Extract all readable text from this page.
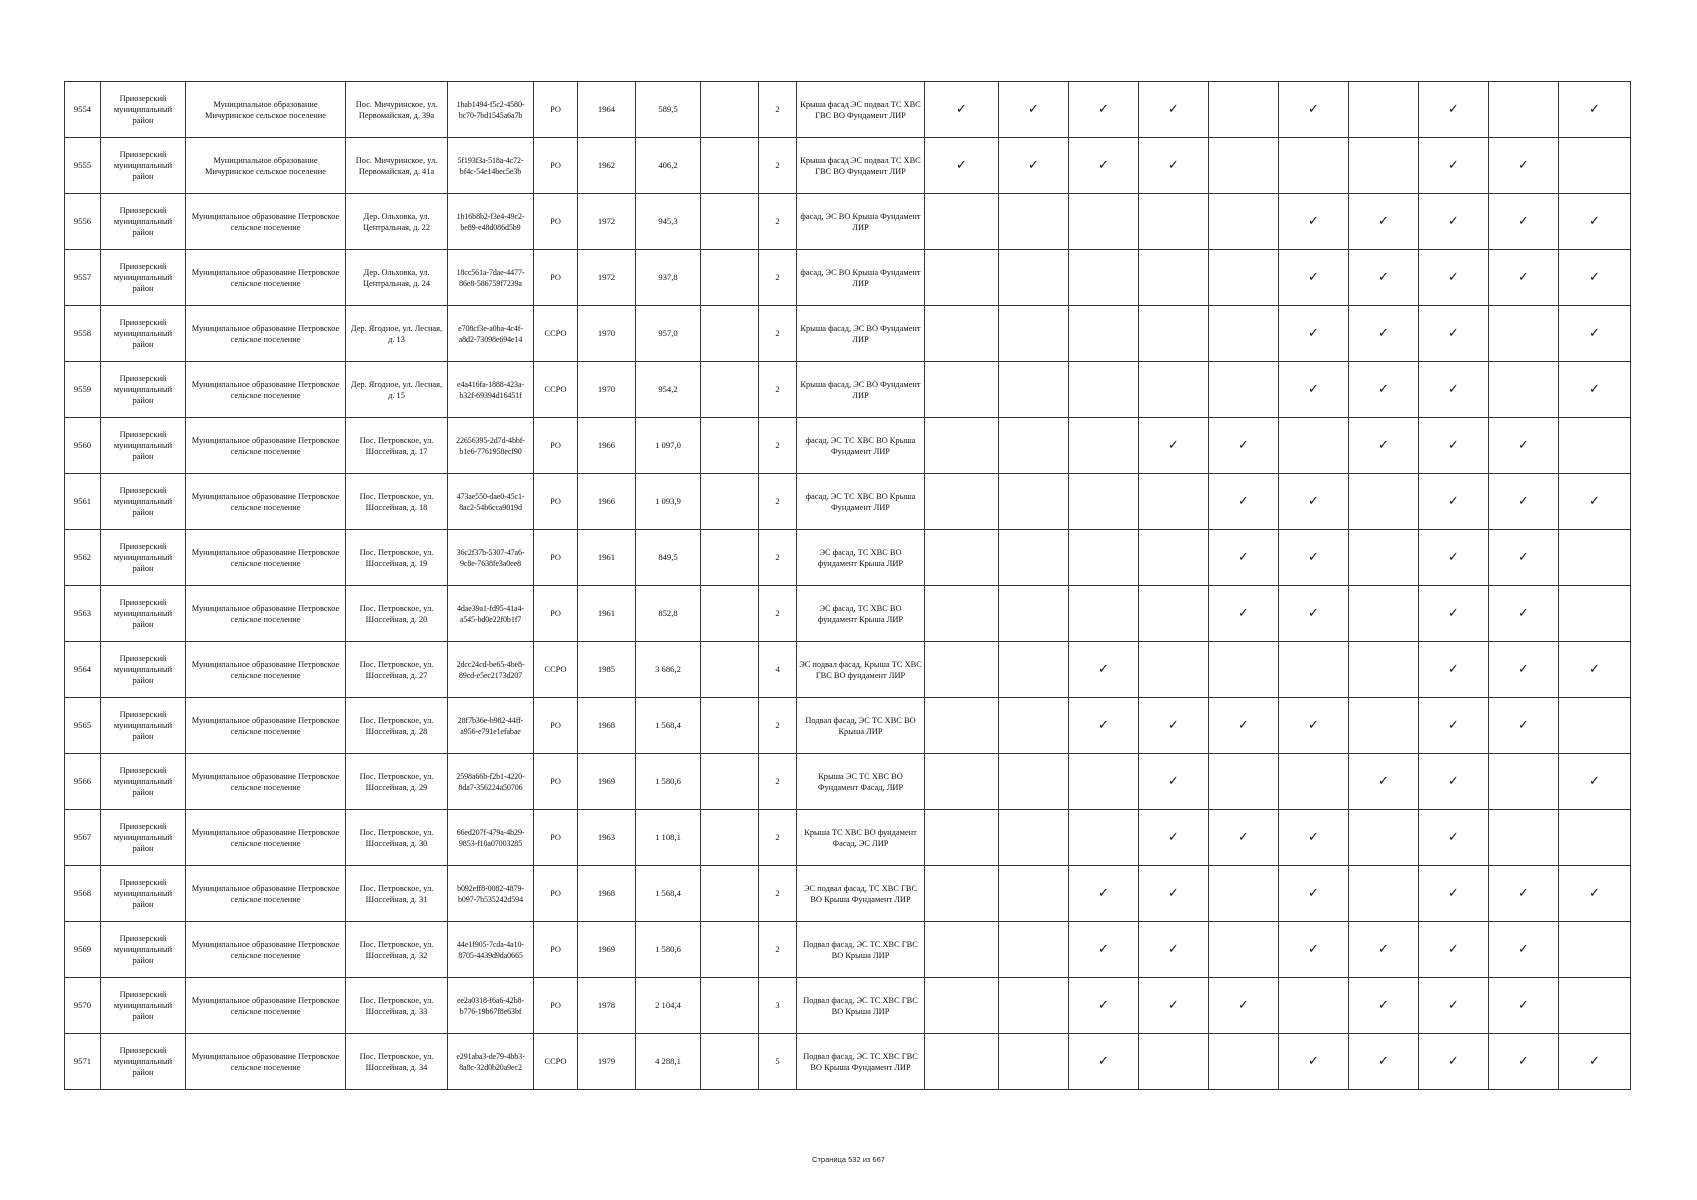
9554	Приозерский муниципальный район	Муниципальное образование Мичуринское сельское поселение	Пос. Мичуринское, ул. Первомайская, д. 39а	1bab1494-f5c2-4580-bc70-7bd1545a6a7b	РО	1964	589,5		2	Крыша фасад ЭС подвал ТС ХВС ГВС ВО Фундамент ЛИР	✓	✓	✓	✓		✓		✓		✓
9555	Приозерский муниципальный район	Муниципальное образование Мичуринское сельское поселение	Пос. Мичуринское, ул. Первомайская, д. 41а	5f193f3a-518a-4c72-bf4c-54e14bec5e3b	РО	1962	406,2		2	Крыша фасад ЭС подвал ТС ХВС ГВС ВО Фундамент ЛИР	✓	✓	✓	✓				✓	✓	
9556	Приозерский муниципальный район	Муниципальное образование Петровское сельское поселение	Дер. Ольховка, ул. Центральная, д. 22	1b16b8b2-f3e4-49c2-be89-e48d086d5b9	РО	1972	945,3		2	фасад, ЭС ВО Крыша Фундамент ЛИР						✓	✓	✓	✓	✓
9557	Приозерский муниципальный район	Муниципальное образование Петровское сельское поселение	Дер. Ольховка, ул. Центральная, д. 24	18cc561a-7dae-4477-86e8-586759f7239a	РО	1972	937,8		2	фасад, ЭС ВО Крыша Фундамент ЛИР						✓	✓	✓	✓	✓
9558	Приозерский муниципальный район	Муниципальное образование Петровское сельское поселение	Дер. Ягодное, ул. Лесная, д. 13	e708cf3e-a0ba-4c4f-a8d2-73098e694e14	ССРО	1970	957,0		2	Крыша фасад, ЭС ВО Фундамент ЛИР						✓	✓	✓		✓
9559	Приозерский муниципальный район	Муниципальное образование Петровское сельское поселение	Дер. Ягодное, ул. Лесная, д. 15	e4a416fa-1888-423a-b32f-69394d16451f	ССРО	1970	954,2		2	Крыша фасад, ЭС ВО Фундамент ЛИР						✓	✓	✓		✓
9560	Приозерский муниципальный район	Муниципальное образование Петровское сельское поселение	Пос. Петровское, ул. Шоссейная, д. 17	22656395-2d7d-4bbf-b1e6-7761958ecf90	РО	1966	1 097,0		2	фасад, ЭС ТС ХВС ВО Крыша Фундамент ЛИР				✓	✓		✓	✓	✓	
9561	Приозерский муниципальный район	Муниципальное образование Петровское сельское поселение	Пос. Петровское, ул. Шоссейная, д. 18	473ae550-dae0-45c1-8ac2-54b6cca9019d	РО	1966	1 093,9		2	фасад, ЭС ТС ХВС ВО Крыша Фундамент ЛИР					✓	✓		✓	✓	✓
9562	Приозерский муниципальный район	Муниципальное образование Петровское сельское поселение	Пос. Петровское, ул. Шоссейная, д. 19	36c2f37b-5307-47a6-9c8e-7638fe3a0ee8	РО	1961	849,5		2	ЭС фасад, ТС ХВС ВО фундамент Крыша ЛИР					✓	✓		✓	✓	
9563	Приозерский муниципальный район	Муниципальное образование Петровское сельское поселение	Пос. Петровское, ул. Шоссейная, д. 20	4dae39a1-fd95-41a4-a545-bd0e22f0b1f7	РО	1961	852,8		2	ЭС фасад, ТС ХВС ВО фундамент Крыша ЛИР					✓	✓		✓	✓	
9564	Приозерский муниципальный район	Муниципальное образование Петровское сельское поселение	Пос. Петровское, ул. Шоссейная, д. 27	2dcc24cd-be65-4be8-89cd-e5ec2173d207	ССРО	1985	3 686,2		4	ЭС подвал фасад, Крыша ТС ХВС ГВС ВО фундамент ЛИР			✓					✓	✓	✓
9565	Приозерский муниципальный район	Муниципальное образование Петровское сельское поселение	Пос. Петровское, ул. Шоссейная, д. 28	28f7b36e-b982-44ff-a956-e791e1efabae	РО	1968	1 568,4		2	Подвал фасад, ЭС ТС ХВС ВО Крыша ЛИР			✓	✓	✓	✓		✓	✓	
9566	Приозерский муниципальный район	Муниципальное образование Петровское сельское поселение	Пос. Петровское, ул. Шоссейная, д. 29	2598a66b-f2b1-4220-8da7-356224a50706	РО	1969	1 580,6		2	Крыша ЭС ТС ХВС ВО Фундамент Фасад, ЛИР				✓			✓	✓		✓
9567	Приозерский муниципальный район	Муниципальное образование Петровское сельское поселение	Пос. Петровское, ул. Шоссейная, д. 30	66ed207f-479a-4b29-9853-f10a07003285	РО	1963	1 108,1		2	Крыша ТС ХВС ВО фундамент Фасад, ЭС ЛИР				✓	✓	✓		✓		
9568	Приозерский муниципальный район	Муниципальное образование Петровское сельское поселение	Пос. Петровское, ул. Шоссейная, д. 31	b092eff8-0082-4879-b097-7b535242d594	РО	1968	1 568,4		2	ЭС подвал фасад, ТС ХВС ГВС ВО Крыша Фундамент ЛИР			✓	✓		✓		✓	✓	✓
9569	Приозерский муниципальный район	Муниципальное образование Петровское сельское поселение	Пос. Петровское, ул. Шоссейная, д. 32	44e1f905-7cda-4a10-8705-4439d9da0665	РО	1969	1 580,6		2	Подвал фасад, ЭС ТС ХВС ГВС ВО Крыша ЛИР			✓	✓		✓	✓	✓	✓	
9570	Приозерский муниципальный район	Муниципальное образование Петровское сельское поселение	Пос. Петровское, ул. Шоссейная, д. 33	ee2a0318-f6a6-42b8-b776-19b67f8e63bf	РО	1978	2 104,4		3	Подвал фасад, ЭС ТС ХВС ГВС ВО Крыша ЛИР			✓	✓	✓		✓	✓	✓	
9571	Приозерский муниципальный район	Муниципальное образование Петровское сельское поселение	Пос. Петровское, ул. Шоссейная, д. 34	e291aba3-de79-4bb3-8a8c-32d0b20a9ec2	ССРО	1979	4 288,1		5	Подвал фасад, ЭС ТС ХВС ГВС ВО Крыша Фундамент ЛИР			✓			✓	✓	✓	✓	✓
Страница 532 из 667
